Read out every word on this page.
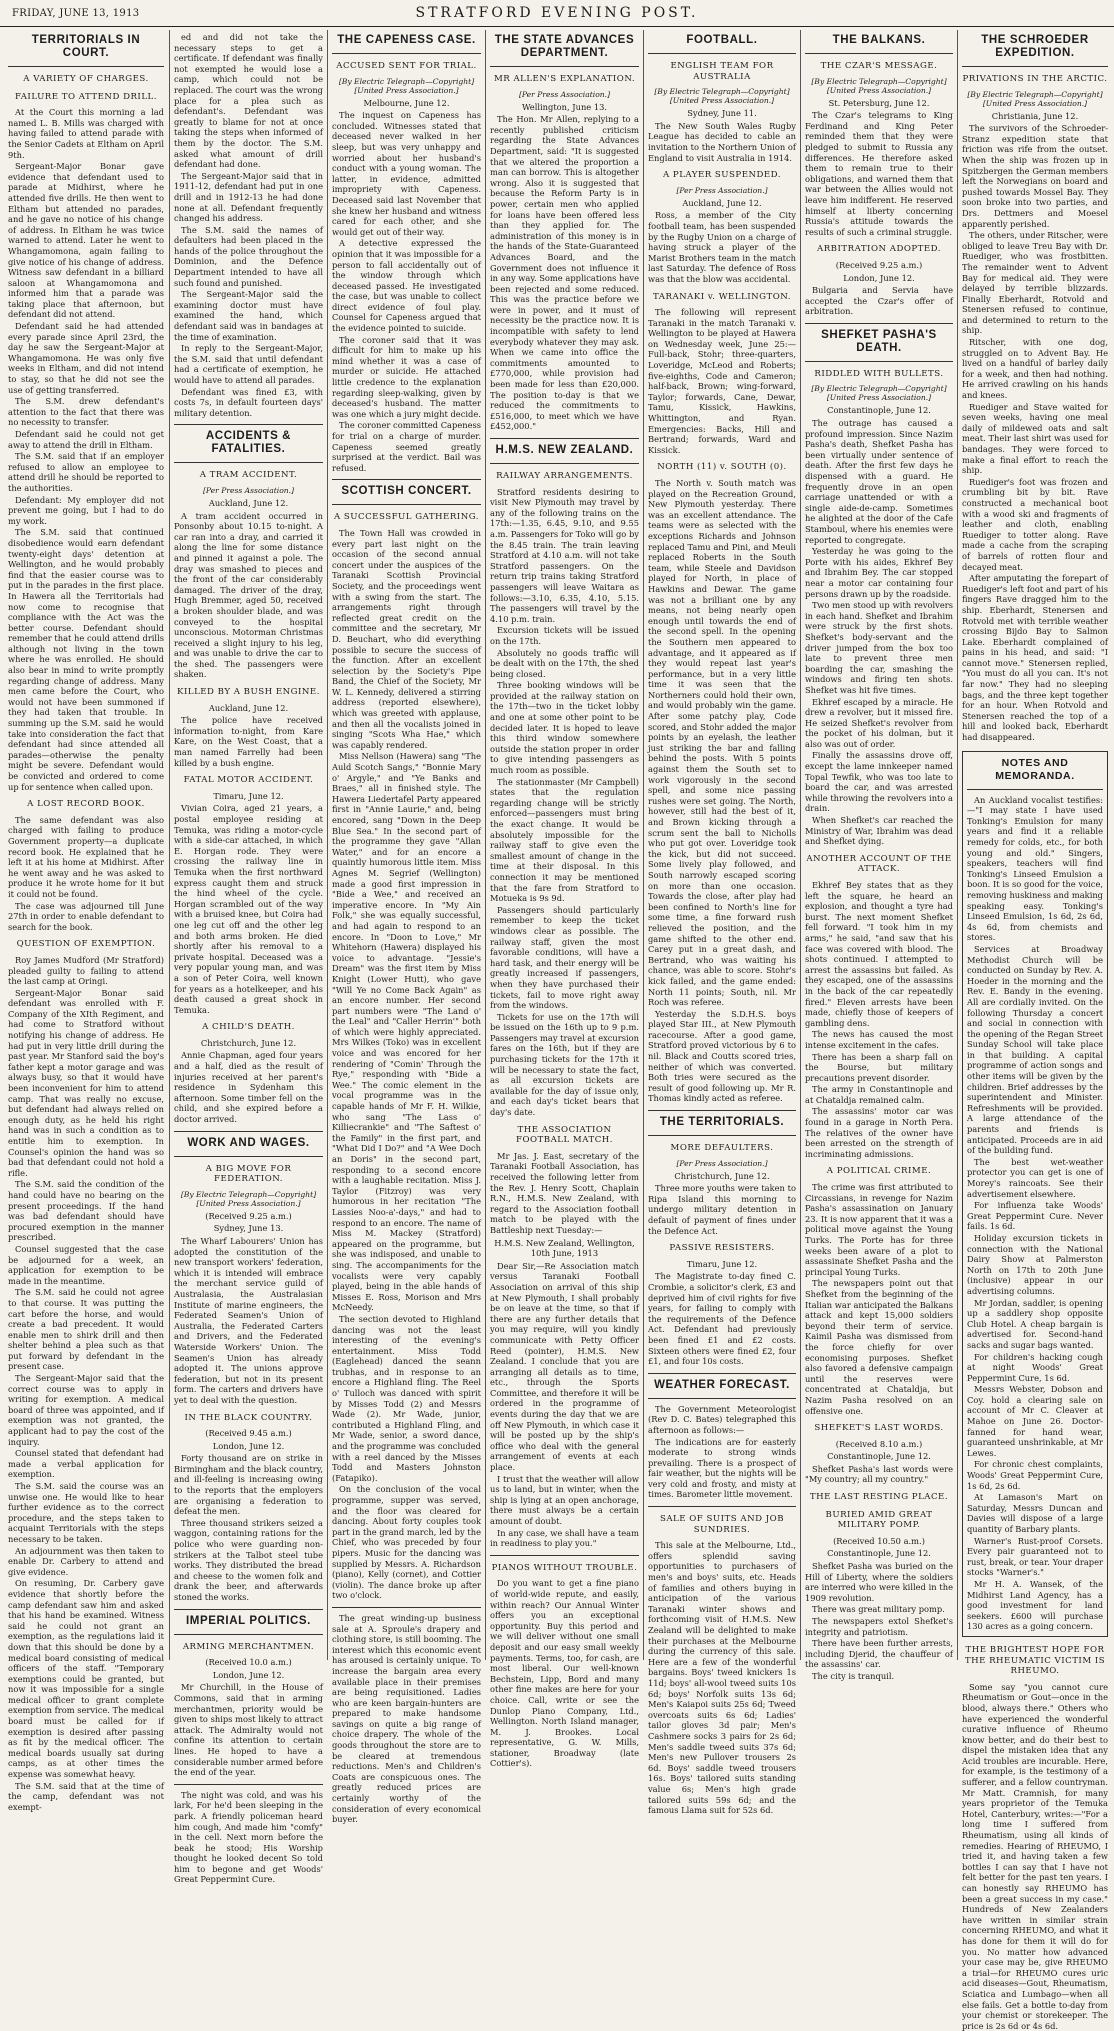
FRIDAY, JUNE 13, 1913	STRATFORD EVENING POST.
TERRITORIALS IN COURT.
A VARIETY OF CHARGES.
FAILURE TO ATTEND DRILL.

At the Court this morning a lad named L. B. Mills was charged with having failed to attend parade with the Senior Cadets at Eltham on April 9th.

Sergeant-Major Bonar gave evidence that defendant used to parade at Midhirst, where he attended five drills. He then went to Eltham but attended no parades, and he gave no notice of his change of address. In Eltham he was twice warned to attend. Later he went to Whangamomona, again failing to give notice of his change of address. Witness saw defendant in a billiard saloon at Whangamomona and informed him that a parade was taking place that afternoon, but defendant did not attend.

Defendant said he had attended every parade since April 23rd, the day he saw the Sergeant-Major at Whangamomona. He was only five weeks in Eltham, and did not intend to stay, so that he did not see the use of getting transferred.

The S.M. drew defendant's attention to the fact that there was no necessity to transfer.

Defendant said he could not get away to attend the drill in Eltham.

The S.M. said that if an employer refused to allow an employee to attend drill he should be reported to the authorities.

Defendant: My employer did not prevent me going, but I had to do my work.

The S.M. said that continued disobedience would earn defendant twenty-eight days' detention at Wellington, and he would probably find that the easier course was to put in the parades in the first place. In Hawera all the Territorials had now come to recognise that compliance with the Act was the better course. Defendant should remember that he could attend drills although not living in the town where he was enrolled. He should also bear in mind to write promptly regarding change of address. Many men came before the Court, who would not have been summoned if they had taken that trouble. In summing up the S.M. said he would take into consideration the fact that defendant had since attended all parades—otherwise the penalty might be severe. Defendant would be convicted and ordered to come up for sentence when called upon.

A LOST RECORD BOOK.

The same defendant was also charged with failing to produce Government property—a duplicate record book. He explained that he left it at his home at Midhirst. After he went away and he was asked to produce it he wrote home for it but it could not be found.

The case was adjourned till June 27th in order to enable defendant to search for the book.

QUESTION OF EXEMPTION.

Roy James Mudford (Mr Stratford) pleaded guilty to failing to attend the last camp at Oringi.

Sergeant-Major Bonar said defendant was enrolled with F. Company of the XIth Regiment, and had come to Stratford without notifying his change of address. He had put in very little drill during the past year. Mr Stanford said the boy's father kept a motor garage and was always busy, so that it would have been inconvenient for him to attend camp. That was really no excuse, but defendant had always relied on enough duty, as he held his right hand was in such a condition as to entitle him to exemption. In Counsel's opinion the hand was so bad that defendant could not hold a rifle.

The S.M. said the condition of the hand could have no bearing on the present proceedings. If the hand was bad defendant should have procured exemption in the manner prescribed.

Counsel suggested that the case be adjourned for a week, an application for exemption to be made in the meantime.

The S.M. said he could not agree to that course. It was putting the cart before the horse, and would create a bad precedent. It would enable men to shirk drill and then shelter behind a plea such as that put forward by defendant in the present case.

The Sergeant-Major said that the correct course was to apply in writing for exemption. A medical board of three was appointed, and if exemption was not granted, the applicant had to pay the cost of the inquiry.

Counsel stated that defendant had made a verbal application for exemption.

The S.M. said the course was an unwise one. He would like to hear further evidence as to the correct procedure, and the steps taken to acquaint Territorials with the steps necessary to be taken.

An adjournment was then taken to enable Dr. Carbery to attend and give evidence.

On resuming, Dr. Carbery gave evidence that shortly before the camp defendant saw him and asked that his hand be examined. Witness said he could not grant an exemption, as the regulations laid it down that this should be done by a medical board consisting of medical officers of the staff. "Temporary exemptions could be granted, but now it was impossible for a single medical officer to grant complete exemption from service. The medical board must be called for if exemption is desired after passing as fit by the medical officer. The medical boards usually sat during camps, as at other times the expense was somewhat heavy.

The S.M. said that at the time of the camp, defendant was not exempt-

ed and did not take the necessary steps to get a certificate. If defendant was finally not exempted he would lose a camp, which could not be replaced. The court was the wrong place for a plea such as defendant's. Defendant was greatly to blame for not at once taking the steps when informed of them by the doctor. The S.M. asked what amount of drill defendant had done.

The Sergeant-Major said that in 1911-12, defendant had put in one drill and in 1912-13 he had done none at all. Defendant frequently changed his address.

The S.M. said the names of defaulters had been placed in the hands of the police throughout the Dominion, and the Defence Department intended to have all such found and punished.

The Sergeant-Major said the examining doctor must have examined the hand, which defendant said was in bandages at the time of examination.

In reply to the Sergeant-Major, the S.M. said that until defendant had a certificate of exemption, he would have to attend all parades.

Defendant was fined £3, with costs 7s, in default fourteen days' military detention.

ACCIDENTS & FATALITIES.
A TRAM ACCIDENT.
[Per Press Association.]
Auckland, June 12.

A tram accident occurred in Ponsonby about 10.15 to-night. A car ran into a dray, and carried it along the line for some distance and pinned it against a pole. The dray was smashed to pieces and the front of the car considerably damaged. The driver of the dray, Hugh Bremmer, aged 50, received a broken shoulder blade, and was conveyed to the hospital unconscious. Motorman Christmas received a slight injury to his leg, and was unable to drive the car to the shed. The passengers were shaken.

KILLED BY A BUSH ENGINE.
Auckland, June 12.

The police have received information to-night, from Kare Kare, on the West Coast, that a man named Farrelly had been killed by a bush engine.

FATAL MOTOR ACCIDENT.
Timaru, June 12.

Vivian Coira, aged 21 years, a postal employee residing at Temuka, was riding a motor-cycle with a side-car attached, in which E. Horgan rode. They were crossing the railway line in Temuka when the first northward express caught them and struck the hind wheel of the cycle. Horgan scrambled out of the way with a bruised knee, but Coira had one leg cut off and the other leg and both arms broken. He died shortly after his removal to a private hospital. Deceased was a very popular young man, and was a son of Peter Coira, well known for years as a hotelkeeper, and his death caused a great shock in Temuka.

A CHILD'S DEATH.
Christchurch, June 12.

Annie Chapman, aged four years and a half, died as the result of injuries received at her parent's residence in Sydenham this afternoon. Some timber fell on the child, and she expired before a doctor arrived.

WORK AND WAGES.
A BIG MOVE FOR FEDERATION.
[By Electric Telegraph—Copyright] [United Press Association.]
(Received 9.25 a.m.)
Sydney, June 13.

The Wharf Labourers' Union has adopted the constitution of the new transport workers' federation, which it is intended will embrace the merchant service guild of Australasia, the Australasian Institute of marine engineers, the Federated Seamen's Union of Australia, the Federated Carters and Drivers, and the Federated Waterside Workers' Union. The Seamen's Union has already adopted it. The unions approve federation, but not in its present form. The carters and drivers have yet to deal with the question.

IN THE BLACK COUNTRY.
(Received 9.45 a.m.)
London, June 12.

Forty thousand are on strike in Birmingham and the black country, and ill-feeling is increasing owing to the reports that the employers are organising a federation to defeat the men.

Three thousand strikers seized a waggon, containing rations for the police who were guarding non-strikers at the Talbot steel tube works. They distributed the bread and cheese to the women folk and drank the beer, and afterwards stoned the works.

IMPERIAL POLITICS.
ARMING MERCHANTMEN.
(Received 10.0 a.m.)
London, June 12.

Mr Churchill, in the House of Commons, said that in arming merchantmen, priority would be given to ships most likely to attract attack. The Admiralty would not confine its attention to certain lines. He hoped to have a considerable number armed before the end of the year.

The night was cold, and was his lark, For he'd been sleeping in the park. A friendly policeman heard him cough, And made him "comfy" in the cell. Next morn before the beak he stood; His Worship thought he looked decent So told him to begone and get Woods' Great Peppermint Cure.

THE CAPENESS CASE.
ACCUSED SENT FOR TRIAL.
[By Electric Telegraph—Copyright] [United Press Association.]
Melbourne, June 12.

The inquest on Capeness has concluded. Witnesses stated that deceased never walked in her sleep, but was very unhappy and worried about her husband's conduct with a young woman. The latter, in evidence, admitted impropriety with Capeness. Deceased said last November that she knew her husband and witness cared for each other, and she would get out of their way.

A detective expressed the opinion that it was impossible for a person to fall accidentally out of the window through which deceased passed. He investigated the case, but was unable to collect direct evidence of foul play. Counsel for Capeness argued that the evidence pointed to suicide.

The coroner said that it was difficult for him to make up his mind whether it was a case of murder or suicide. He attached little credence to the explanation regarding sleep-walking, given by deceased's husband. The matter was one which a jury might decide.

The coroner committed Capeness for trial on a charge of murder. Capeness seemed greatly surprised at the verdict. Bail was refused.

SCOTTISH CONCERT.
A SUCCESSFUL GATHERING.

The Town Hall was crowded in every part last night on the occasion of the second annual concert under the auspices of the Taranaki Scottish Provincial Society, and the proceedings went with a swing from the start. The arrangements right through reflected great credit on the committee and the secretary, Mr D. Beuchart, who did everything possible to secure the success of the function. After an excellent selection by the Society's Pipe Band, the Chief of the Society, Mr W. L. Kennedy, delivered a stirring address (reported elsewhere), which was greeted with applause, and then all the vocalists joined in singing "Scots Wha Hae," which was capably rendered.

Miss Nellson (Hawera) sang "The Auld Scotch Sangs," "Bonnie Mary o' Argyle," and "Ye Banks and Braes," all in finished style. The Hawera Liedertafel Party appeared first in "Annie Laurie," and, being encored, sang "Down in the Deep Blue Sea." In the second part of the programme they gave "Allan Water," and for an encore a quaintly humorous little item. Miss Agnes M. Segrief (Wellington) made a good first impression in "Bide a Wee," and received an imperative encore. In "My Ain Folk," she was equally successful, and had again to respond to an encore. In "Doon to Love," Mr Whitehorn (Hawera) displayed his voice to advantage. "Jessie's Dream" was the first item by Miss Knight (Lower Hutt), who gave "Will Ye no Come Back Again" as an encore number. Her second part numbers were "The Land o' the Leal" and "Caller Herrin'" both of which were highly appreciated. Mrs Wilkes (Toko) was in excellent voice and was encored for her rendering of "Comin' Through the Rye," responding with "Bide a Wee." The comic element in the vocal programme was in the capable hands of Mr F. H. Wilkie, who sang "The Lass o' Killiecrankie" and "The Saftest o' the Family" in the first part, and "What Did I Do?" and "A Wee Doch an Doris" in the second part, responding to a second encore with a laughable recitation. Miss J. Taylor (Fitzroy) was very humorous in her recitation "The Lassies Noo-a'-days," and had to respond to an encore. The name of Miss M. Mackey (Stratford) appeared on the programme, but she was indisposed, and unable to sing. The accompaniments for the vocalists were very capably played, being in the able hands of Misses E. Ross, Morison and Mrs McNeedy.

The section devoted to Highland dancing was not the least interesting of the evening's entertainment. Miss Todd (Eaglehead) danced the seann trubhas, and in response to an encore a Highland fling. The Reel o' Tulloch was danced with spirit by Misses Todd (2) and Messrs Wade (2). Mr Wade, junior, contributed a Highland Fling, and Mr Wade, senior, a sword dance, and the programme was concluded with a reel danced by the Misses Todd and Masters Johnston (Fatapiko).

On the conclusion of the vocal programme, supper was served, and the floor was cleared for dancing. About forty couples took part in the grand march, led by the Chief, who was preceded by four pipers. Music for the dancing was supplied by Messrs. A. Richardson (piano), Kelly (cornet), and Cottier (violin). The dance broke up after two o'clock.

The great winding-up business sale at A. Sproule's drapery and clothing store, is still booming. The interest which this economic event has aroused is certainly unique. To increase the bargain area every available place in their premises are being requisitioned. Ladies who are keen bargain-hunters are prepared to make handsome savings on quite a big range of choice drapery. The whole of the goods throughout the store are to be cleared at tremendous reductions. Men's and Children's Coats are conspicuous ones. The greatly reduced prices are certainly worthy of the consideration of every economical buyer.

THE STATE ADVANCES DEPARTMENT.
MR ALLEN'S EXPLANATION.
[Per Press Association.]
Wellington, June 13.

The Hon. Mr Allen, replying to a recently published criticism regarding the State Advances Department, said: "It is suggested that we altered the proportion a man can borrow. This is altogether wrong. Also it is suggested that because the Reform Party is in power, certain men who applied for loans have been offered less than they applied for. The administration of this money is in the hands of the State-Guaranteed Advances Board, and the Government does not influence it in any way. Some applications have been rejected and some reduced. This was the practice before we were in power, and it must of necessity be the practice now. It is incompatible with safety to lend everybody whatever they may ask. When we came into office the commitments amounted to £770,000, while provision had been made for less than £20,000. The position to-day is that we reduced the commitments to £516,000, to meet which we have £452,000."

H.M.S. NEW ZEALAND.
RAILWAY ARRANGEMENTS.

Stratford residents desiring to visit New Plymouth may travel by any of the following trains on the 17th:—1.35, 6.45, 9.10, and 9.55 a.m. Passengers for Toko will go by the 8.45 train. The train leaving Stratford at 4.10 a.m. will not take Stratford passengers. On the return trip trains taking Stratford passengers will leave Waitara as follows:—3.10, 6.35, 4.10, 5.15. The passengers will travel by the 4.10 p.m. train.

Excursion tickets will be issued on the 17th.

Absolutely no goods traffic will be dealt with on the 17th, the shed being closed.

Three booking windows will be provided at the railway station on the 17th—two in the ticket lobby and one at some other point to be decided later. It is hoped to leave this third window somewhere outside the station proper in order to give intending passengers as much room as possible.

The stationmaster (Mr Campbell) states that the regulation regarding change will be strictly enforced—passengers must bring the exact change. It would be absolutely impossible for the railway staff to give even the smallest amount of change in the time at their disposal. In this connection it may be mentioned that the fare from Stratford to Motueka is 9s 9d.

Passengers should particularly remember to keep the ticket windows clear as possible. The railway staff, given the most favorable conditions, will have a hard task, and their energy will be greatly increased if passengers, when they have purchased their tickets, fail to move right away from the windows.

Tickets for use on the 17th will be issued on the 16th up to 9 p.m. Passengers may travel at excursion fares on the 16th, but if they are purchasing tickets for the 17th it will be necessary to state the fact, as all excursion tickets are available for the day of issue only, and each day's ticket bears that day's date.

THE ASSOCIATION FOOTBALL MATCH.

Mr Jas. J. East, secretary of the Taranaki Football Association, has received the following letter from the Rev. J. Henry Scott, Chaplain R.N., H.M.S. New Zealand, with regard to the Association football match to be played with the Battleship next Tuesday:—

H.M.S. New Zealand, Wellington, 10th June, 1913

Dear Sir,—Re Association match versus Taranaki Football Association on arrival of this ship at New Plymouth, I shall probably be on leave at the time, so that if there are any further details that you may require, will you kindly communicate with Petty Officer Reed (pointer), H.M.S. New Zealand. I conclude that you are arranging all details as to time, etc., through the Sports Committee, and therefore it will be ordered in the programme of events during the day that we are off New Plymouth, in which case it will be posted up by the ship's office who deal with the general arrangement of events at each place.

I trust that the weather will allow us to land, but in winter, when the ship is lying at an open anchorage, there must always be a certain amount of doubt.

In any case, we shall have a team in readiness to play you."

PIANOS WITHOUT TROUBLE.

Do you want to get a fine piano of world-wide repute, and easily, within reach? Our Annual Winter offers you an exceptional opportunity. Buy this period and we will deliver without one small deposit and our easy small weekly payments. Terms, too, for cash, are most liberal. Our well-known Bechstein, Lipp, Bord and many other fine makes are here for your choice. Call, write or see the Dunlop Piano Company, Ltd., Wellington. North Island manager, M. J. Brookes. Local representative, G. W. Mills, stationer, Broadway (late Cottier's).

FOOTBALL.
ENGLISH TEAM FOR AUSTRALIA
[By Electric Telegraph—Copyright] [United Press Association.]
Sydney, June 11.

The New South Wales Rugby League has decided to cable an invitation to the Northern Union of England to visit Australia in 1914.

A PLAYER SUSPENDED.
[Per Press Association.]
Auckland, June 12.

Ross, a member of the City football team, has been suspended by the Rugby Union on a charge of having struck a player of the Marist Brothers team in the match last Saturday. The defence of Ross was that the blow was accidental.

TARANAKI v. WELLINGTON.

The following will represent Taranaki in the match Taranaki v. Wellington to be played at Hawera on Wednesday week, June 25:—Full-back, Stohr; three-quarters, Loveridge, McLeod and Roberts; five-eighths, Code and Cameron; half-back, Brown; wing-forward, Taylor; forwards, Cane, Dewar, Tamu, Kissick, Hawkins, Whittington, and Ryan. Emergencies: Backs, Hill and Bertrand; forwards, Ward and Kissick.

NORTH (11) v. SOUTH (0).

The North v. South match was played on the Recreation Ground, New Plymouth yesterday. There was an excellent attendance. The teams were as selected with the exceptions Richards and Johnson replaced Tamu and Pini, and Meuli replaced Roberts in the South team, while Steele and Davidson played for North, in place of Hawkins and Dewar. The game was not a brilliant one by any means, not being nearly open enough until towards the end of the second spell. In the opening the Southern men appeared to advantage, and it appeared as if they would repeat last year's performance, but in a very little time it was seen that the Northerners could hold their own, and would probably win the game. After some patchy play, Code scored, and Stohr added the major points by an eyelash, the leather just striking the bar and falling behind the posts. With 5 points against them the South set to work vigorously in the second spell, and some nice passing rushes were set going. The North, however, still had the best of it, and Brown kicking through a scrum sent the ball to Nicholls who put got over. Loveridge took the kick, but did not succeed. Some lively play followed, and South narrowly escaped scoring on more than one occasion. Towards the close, after play had been confined to North's line for some time, a fine forward rush relieved the position, and the game shifted to the other end. Carey put in a great dash, and Bertrand, who was waiting his chance, was able to score. Stohr's kick failed, and the game ended: North 11 points; South, nil. Mr Roch was referee.

Yesterday the S.D.H.S. boys played Star III., at New Plymouth racecourse. After a good game, Stratford proved victorious by 6 to nil. Black and Coutts scored tries, neither of which was converted. Both tries were secured as the result of good following up. Mr R. Thomas kindly acted as referee.

THE TERRITORIALS.
MORE DEFAULTERS.
[Per Press Association.]
Christchurch, June 12.

Three more youths were taken to Ripa Island this morning to undergo military detention in default of payment of fines under the Defence Act.

PASSIVE RESISTERS.
Timaru, June 12.

The Magistrate to-day fined C. Crombie, a solicitor's clerk, £3 and deprived him of civil rights for five years, for failing to comply with the requirements of the Defence Act. Defendant had previously been fined £1 and £2 costs. Sixteen others were fined £2, four £1, and four 10s costs.

WEATHER FORECAST.

The Government Meteorologist (Rev D. C. Bates) telegraphed this afternoon as follows:—

The indications are for easterly moderate to strong winds prevailing. There is a prospect of fair weather, but the nights will be very cold and frosty, and misty at times. Barometer little movement.

SALE OF SUITS AND JOB SUNDRIES.

This sale at the Melbourne, Ltd., offers splendid saving opportunities to purchasers of men's and boys' suits, etc. Heads of families and others buying in anticipation of the various Taranaki winter shows and forthcoming visit of H.M.S. New Zealand will be delighted to make their purchases at the Melbourne during the currency of this sale. Here are a few of the wonderful bargains. Boys' tweed knickers 1s 11d; boys' all-wool tweed suits 10s 6d; boys' Norfolk suits 13s 6d; Men's Kaiapoi suits 25s 6d; Tweed overcoats suits 6s 6d; Ladies' tailor gloves 3d pair; Men's Cashmere socks 3 pairs for 2s 6d; Men's saddle tweed suits 37s 6d; Men's new Pullover trousers 2s 6d. Boys' saddle tweed trousers 16s. Boys' tailored suits standing value 6s; Men's high grade tailored suits 59s 6d; and the famous Llama suit for 52s 6d.

THE BALKANS.
THE CZAR'S MESSAGE.
[By Electric Telegraph—Copyright] [United Press Association.]
St. Petersburg, June 12.

The Czar's telegrams to King Ferdinand and King Peter reminded them that they were pledged to submit to Russia any differences. He therefore asked them to remain true to their obligations, and warned them that war between the Allies would not leave him indifferent. He reserved himself at liberty concerning Russia's attitude towards the results of such a criminal struggle.

ARBITRATION ADOPTED.
(Received 9.25 a.m.)
London, June 12.

Bulgaria and Servia have accepted the Czar's offer of arbitration.

SHEFKET PASHA'S DEATH.
RIDDLED WITH BULLETS.
[By Electric Telegraph—Copyright] [United Press Association.]
Constantinople, June 12.

The outrage has caused a profound impression. Since Nazim Pasha's death, Shefket Pasha has been virtually under sentence of death. After the first few days he dispensed with a guard. He frequently drove in an open carriage unattended or with a single aide-de-camp. Sometimes he alighted at the door of the Cafe Stamboul, where his enemies were reported to congregate.

Yesterday he was going to the Porte with his aides, Ekhref Bey and Ibrahim Bey. The car stopped near a motor car containing four persons drawn up by the roadside.

Two men stood up with revolvers in each hand. Shefket and Ibrahim were struck by the first shots. Shefket's body-servant and the driver jumped from the box too late to prevent three men boarding the car, smashing the windows and firing ten shots. Shefket was hit five times.

Ekhref escaped by a miracle. He drew a revolver, but it missed fire. He seized Shefket's revolver from the pocket of his dolman, but it also was out of order.

Finally the assassins drove off, except the lame innkeeper named Topal Tewfik, who was too late to board the car, and was arrested while throwing the revolvers into a drain.

When Shefket's car reached the Ministry of War, Ibrahim was dead and Shefket dying.

ANOTHER ACCOUNT OF THE ATTACK.

Ekhref Bey states that as they left the square, he heard an explosion, and thought a tyre had burst. The next moment Shefket fell forward. "I took him in my arms," he said, "and saw that his face was covered with blood. The shots continued. I attempted to arrest the assassins but failed. As they escaped, one of the assassins in the back of the car repeatedly fired." Eleven arrests have been made, chiefly those of keepers of gambling dens.

The news has caused the most intense excitement in the cafes.

There has been a sharp fall on the Bourse, but military precautions prevent disorder.

The army in Constantinople and at Chataldja remained calm.

The assassins' motor car was found in a garage in North Pera. The relatives of the owner have been arrested on the strength of incriminating admissions.

A POLITICAL CRIME.

The crime was first attributed to Circassians, in revenge for Nazim Pasha's assassination on January 23. It is now apparent that it was a political move against the Young Turks. The Porte has for three weeks been aware of a plot to assassinate Shefket Pasha and the principal Young Turks.

The newspapers point out that Shefket from the beginning of the Italian war anticipated the Balkans attack and kept 15,000 soldiers beyond their term of service. Kaimil Pasha was dismissed from the force chiefly for over economising purposes. Shefket also favored a defensive campaign until the reserves were concentrated at Chataldja, but Nazim Pasha resolved on an offensive one.

SHEFKET'S LAST WORDS.
(Received 8.10 a.m.)
Constantinople, June 12.

Shefket Pasha's last words were "My country; all my country."

THE LAST RESTING PLACE.
BURIED AMID GREAT MILITARY POMP.
(Received 10.50 a.m.)
Constantinople, June 12.

Shefket Pasha was buried on the Hill of Liberty, where the soldiers are interred who were killed in the 1909 revolution.

There was great military pomp.

The newspapers extol Shefket's integrity and patriotism.

There have been further arrests, including Djerid, the chauffeur of the assassins' car.

The city is tranquil.

THE SCHROEDER EXPEDITION.
PRIVATIONS IN THE ARCTIC.
[By Electric Telegraph—Copyright] [United Press Association.]
Christiania, June 12.

The survivors of the Schroeder-Stranz expedition state that friction was rife from the outset. When the ship was frozen up in Spitzbergen the German members left the Norwegians on board and pushed towards Mossel Bay. They soon broke into two parties, and Drs. Dettmers and Moesel apparently perished.

The others, under Ritscher, were obliged to leave Treu Bay with Dr. Ruediger, who was frostbitten. The remainder went to Advent Bay for medical aid. They were delayed by terrible blizzards. Finally Eberhardt, Rotvold and Stenersen refused to continue, and determined to return to the ship.

Ritscher, with one dog, struggled on to Advent Bay. He lived on a handful of barley daily for a week, and then had nothing. He arrived crawling on his hands and knees.

Ruediger and Stave waited for seven weeks, having one meal daily of mildewed oats and salt meat. Their last shirt was used for bandages. They were forced to make a final effort to reach the ship.

Ruediger's foot was frozen and crumbling bit by bit. Rave constructed a mechanical boot with a wood ski and fragments of leather and cloth, enabling Ruediger to totter along. Rave made a cache from the scraping of barrels of rotten flour and decayed meat.

After amputating the forepart of Ruediger's left foot and part of his fingers Rave dragged him to the ship. Eberhardt, Stenersen and Rotvold met with terrible weather crossing Bijdo Bay to Salmon Lake. Eberhardt complained of pains in his head, and said: "I cannot move." Stenersen replied, "You must do all you can. It's not far now." They had no sleeping bags, and the three kept together for an hour. When Rotvold and Stenersen reached the top of a hill and looked back, Eberhardt had disappeared.

NOTES AND MEMORANDA.

An Auckland vocalist testifies:—"I may state I have used Tonking's Emulsion for many years and find it a reliable remedy for colds, etc., for both young and old." Singers, speakers, teachers will find Tonking's Linseed Emulsion a boon. It is so good for the voice, removing huskiness and making speaking easy. Tonking's Linseed Emulsion, 1s 6d, 2s 6d, 4s 6d, from chemists and stores.

Services at Broadway Methodist Church will be conducted on Sunday by Rev. A. Hoeder in the morning and the Rev. E. Bandy in the evening. All are cordially invited. On the following Thursday a concert and social in connection with the opening of the Regan Street Sunday School will take place in that building. A capital programme of action songs and other items will be given by the children. Brief addresses by the superintendent and Minister. Refreshments will be provided. A large attendance of the parents and friends is anticipated. Proceeds are in aid of the building fund.

The best wet-weather protector you can get is one of Morey's raincoats. See their advertisement elsewhere.

For influenza take Woods' Great Peppermint Cure. Never fails. 1s 6d.

Holiday excursion tickets in connection with the National Dairy Show at Palmerston North on 17th to 20th June (inclusive) appear in our advertising columns.

Mr Jordan, saddler, is opening up a saddlery shop opposite Club Hotel. A cheap bargain is advertised for. Second-hand sacks and sugar bags wanted.

For children's hacking cough at night Woods' Great Peppermint Cure, 1s 6d.

Messrs Webster, Dobson and Coy. hold a clearing sale on account of Mr C. Cleaver at Mahoe on June 26. Doctor-fanned for hand wear, guaranteed unshrinkable, at Mr Lewes.

For chronic chest complaints, Woods' Great Peppermint Cure, 1s 6d, 2s 6d.

At Lamason's Mart on Saturday, Messrs Duncan and Davies will dispose of a large quantity of Barbary plants.

Warner's Rust-proof Corsets. Every pair guaranteed not to rust, break, or tear. Your draper stocks "Warner's."

Mr H. A. Wansek, of the Midhirst Land Agency, has a good investment for land seekers. £600 will purchase 130 acres as a going concern.

THE BRIGHTEST HOPE FOR THE RHEUMATIC VICTIM IS RHEUMO.

Some say "you cannot cure Rheumatism or Gout—once in the blood, always there." Others who have experienced the wonderful curative influence of Rheumo know better, and do their best to dispel the mistaken idea that any Acid troubles are incurable. Here, for example, is the testimony of a sufferer, and a fellow countryman. Mr Matt. Cramnish, for many years proprietor of the Temuka Hotel, Canterbury, writes:—"For a long time I suffered from Rheumatism, using all kinds of remedies. Hearing of RHEUMO, I tried it, and having taken a few bottles I can say that I have not felt better for the past ten years. I can honestly say RHEUMO has been a great success in my case." Hundreds of New Zealanders have written in similar strain concerning RHEUMO, and what it has done for them it will do for you. No matter how advanced your case may be, give RHEUMO a trial—for RHEUMO cures uric acid diseases—Gout, Rheumatism, Sciatica and Lumbago—when all else fails. Get a bottle to-day from your chemist or storekeeper. The price is 2s 6d or 4s 6d.
